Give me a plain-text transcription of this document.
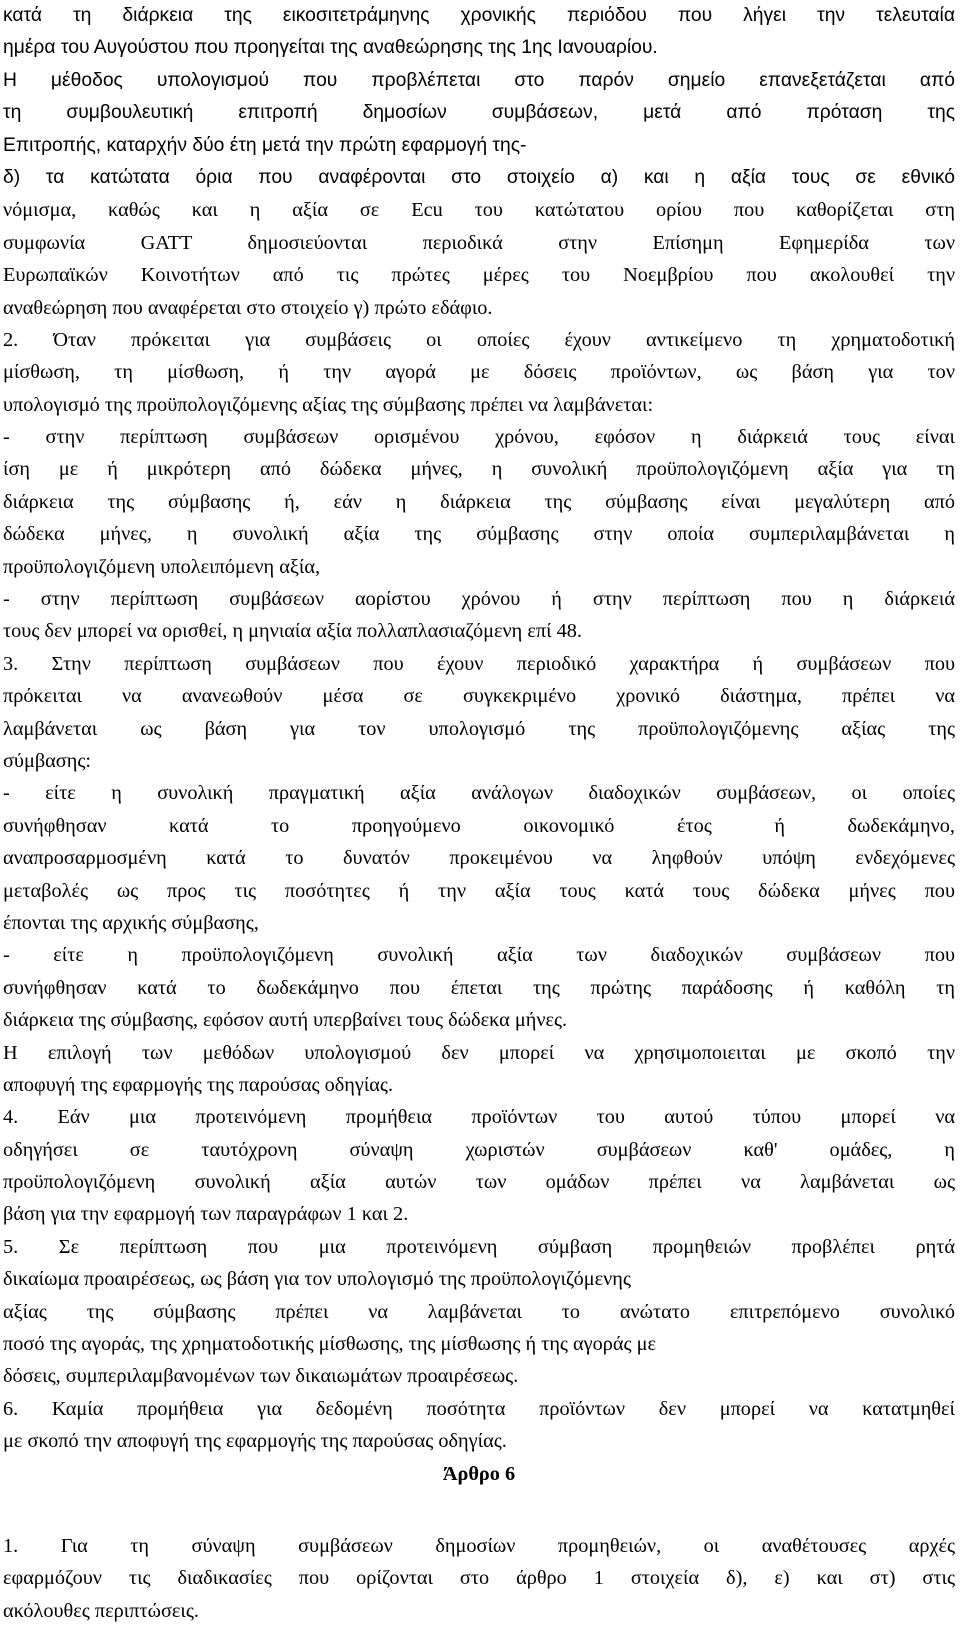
κατά τη διάρκεια της εικοσιτετράμηνης χρονικής περιόδου που λήγει την τελευταία
ημέρα του Αυγούστου που προηγείται της αναθεώρησης της 1ης Ιανουαρίου.
Η μέθοδος υπολογισμού που προβλέπεται στο παρόν σημείο επανεξετάζεται από
τη συμβουλευτική επιτροπή δημοσίων συμβάσεων, μετά από πρόταση της
Επιτροπής, καταρχήν δύο έτη μετά την πρώτη εφαρμογή της-
δ) τα κατώτατα όρια που αναφέρονται στο στοιχείο α) και η αξία τους σε εθνικό
νόμισμα, καθώς και η αξία σε Ecu του κατώτατου ορίου που καθορίζεται στη
συμφωνία GATT δημοσιεύονται περιοδικά στην Επίσημη Εφημερίδα των
Ευρωπαϊκών Κοινοτήτων από τις πρώτες μέρες του Νοεμβρίου που ακολουθεί την
αναθεώρηση που αναφέρεται στο στοιχείο γ) πρώτο εδάφιο.
2. Όταν πρόκειται για συμβάσεις οι οποίες έχουν αντικείμενο τη χρηματοδοτική
μίσθωση, τη μίσθωση, ή την αγορά με δόσεις προϊόντων, ως βάση για τον
υπολογισμό της προϋπολογιζόμενης αξίας της σύμβασης πρέπει να λαμβάνεται:
- στην περίπτωση συμβάσεων ορισμένου χρόνου, εφόσον η διάρκειά τους είναι
ίση με ή μικρότερη από δώδεκα μήνες, η συνολική προϋπολογιζόμενη αξία για τη
διάρκεια της σύμβασης ή, εάν η διάρκεια της σύμβασης είναι μεγαλύτερη από
δώδεκα μήνες, η συνολική αξία της σύμβασης στην οποία συμπεριλαμβάνεται η
προϋπολογιζόμενη υπολειπόμενη αξία,
- στην περίπτωση συμβάσεων αορίστου χρόνου ή στην περίπτωση που η διάρκειά
τους δεν μπορεί να ορισθεί, η μηνιαία αξία πολλαπλασιαζόμενη επί 48.
3. Στην περίπτωση συμβάσεων που έχουν περιοδικό χαρακτήρα ή συμβάσεων που
πρόκειται να ανανεωθούν μέσα σε συγκεκριμένο χρονικό διάστημα, πρέπει να
λαμβάνεται ως βάση για τον υπολογισμό της προϋπολογιζόμενης αξίας της
σύμβασης:
- είτε η συνολική πραγματική αξία ανάλογων διαδοχικών συμβάσεων, οι οποίες
συνήφθησαν κατά το προηγούμενο οικονομικό έτος ή δωδεκάμηνο,
αναπροσαρμοσμένη κατά το δυνατόν προκειμένου να ληφθούν υπόψη ενδεχόμενες
μεταβολές ως προς τις ποσότητες ή την αξία τους κατά τους δώδεκα μήνες που
έπονται της αρχικής σύμβασης,
- είτε η προϋπολογιζόμενη συνολική αξία των διαδοχικών συμβάσεων που
συνήφθησαν κατά το δωδεκάμηνο που έπεται της πρώτης παράδοσης ή καθόλη τη
διάρκεια της σύμβασης, εφόσον αυτή υπερβαίνει τους δώδεκα μήνες.
Η επιλογή των μεθόδων υπολογισμού δεν μπορεί να χρησιμοποιειται με σκοπό την
αποφυγή της εφαρμογής της παρούσας οδηγίας.
4. Εάν μια προτεινόμενη προμήθεια προϊόντων του αυτού τύπου μπορεί να
οδηγήσει σε ταυτόχρονη σύναψη χωριστών συμβάσεων καθ' ομάδες, η
προϋπολογιζόμενη συνολική αξία αυτών των ομάδων πρέπει να λαμβάνεται ως
βάση για την εφαρμογή των παραγράφων 1 και 2.
5. Σε περίπτωση που μια προτεινόμενη σύμβαση προμηθειών προβλέπει ρητά
δικαίωμα προαιρέσεως, ως βάση για τον υπολογισμό της προϋπολογιζόμενης
αξίας της σύμβασης πρέπει να λαμβάνεται το ανώτατο επιτρεπόμενο συνολικό
ποσό της αγοράς, της χρηματοδοτικής μίσθωσης, της μίσθωσης ή της αγοράς με
δόσεις, συμπεριλαμβανομένων των δικαιωμάτων προαιρέσεως.
6. Καμία προμήθεια για δεδομένη ποσότητα προϊόντων δεν μπορεί να κατατμηθεί
με σκοπό την αποφυγή της εφαρμογής της παρούσας οδηγίας.
Άρθρο 6
1. Για τη σύναψη συμβάσεων δημοσίων προμηθειών, οι αναθέτουσες αρχές
εφαρμόζουν τις διαδικασίες που ορίζονται στο άρθρο 1 στοιχεία δ), ε) και στ) στις
ακόλουθες περιπτώσεις.
